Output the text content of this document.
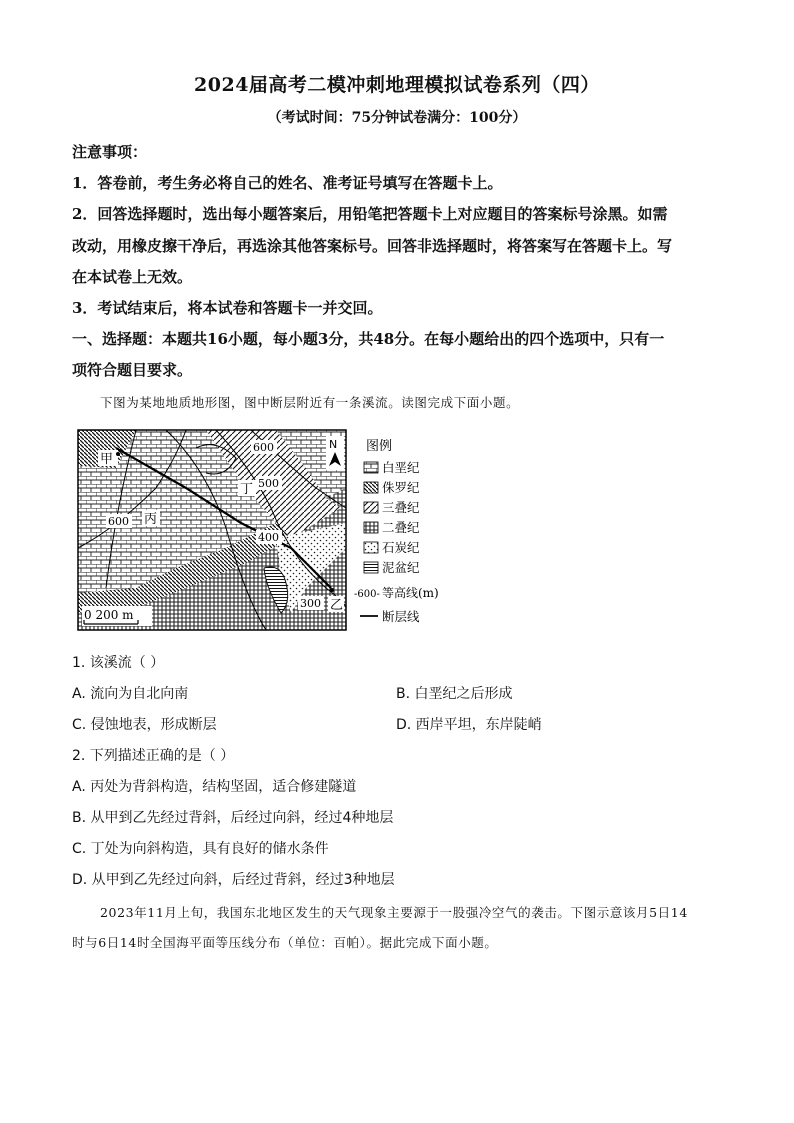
2024届高考二模冲刺地理模拟试卷系列（四）
（考试时间：75分钟试卷满分：100分）
注意事项：
1．答卷前，考生务必将自己的姓名、准考证号填写在答题卡上。
2．回答选择题时，选出每小题答案后，用铅笔把答题卡上对应题目的答案标号涂黑。如需
改动，用橡皮擦干净后，再选涂其他答案标号。回答非选择题时，将答案写在答题卡上。写
在本试卷上无效。
3．考试结束后，将本试卷和答题卡一并交回。
一、选择题：本题共16小题，每小题3分，共48分。在每小题给出的四个选项中，只有一
项符合题目要求。
下图为某地地质地形图，图中断层附近有一条溪流。读图完成下面小题。
甲
丙
丁
乙
600
500
400
300
600
N
0 200 m
图例
白垩纪
侏罗纪
三叠纪
二叠纪
石炭纪
泥盆纪
-600- 等高线(m)
断层线
1. 该溪流（ ）
A. 流向为自北向南	B. 白垩纪之后形成
C. 侵蚀地表，形成断层	D. 西岸平坦，东岸陡峭
2. 下列描述正确的是（ ）
A. 丙处为背斜构造，结构坚固，适合修建隧道
B. 从甲到乙先经过背斜，后经过向斜，经过4种地层
C. 丁处为向斜构造，具有良好的储水条件
D. 从甲到乙先经过向斜，后经过背斜，经过3种地层
2023年11月上旬，我国东北地区发生的天气现象主要源于一股强冷空气的袭击。下图示意该月5日14
时与6日14时全国海平面等压线分布（单位：百帕）。据此完成下面小题。
